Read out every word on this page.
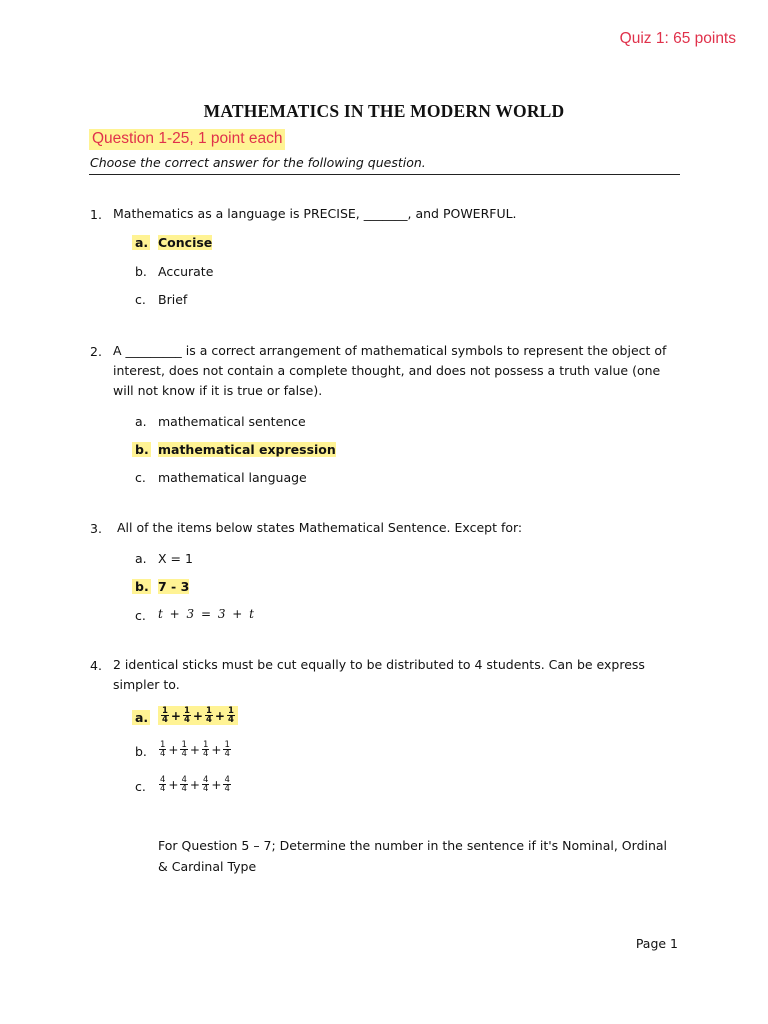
Quiz 1: 65 points
MATHEMATICS IN THE MODERN WORLD
Question 1-25, 1 point each
Choose the correct answer for the following question.
1. Mathematics as a language is PRECISE, _______, and POWERFUL.
a. Concise
b. Accurate
c. Brief
2. A _________ is a correct arrangement of mathematical symbols to represent the object of interest, does not contain a complete thought, and does not possess a truth value (one will not know if it is true or false).
a. mathematical sentence
b. mathematical expression
c. mathematical language
3. All of the items below states Mathematical Sentence. Except for:
a. X = 1
b. 7 - 3
c. t + 3 = 3 + t
4. 2 identical sticks must be cut equally to be distributed to 4 students. Can be express simpler to.
a. $\frac{1}{4} + \frac{1}{4} + \frac{1}{4} + \frac{1}{4}$
b. $\frac{1}{4} + \frac{1}{4} + \frac{1}{4} + \frac{1}{4}$
c. $\frac{4}{4} + \frac{4}{4} + \frac{4}{4} + \frac{4}{4}$
For Question 5 – 7; Determine the number in the sentence if it's Nominal, Ordinal & Cardinal Type
Page 1
